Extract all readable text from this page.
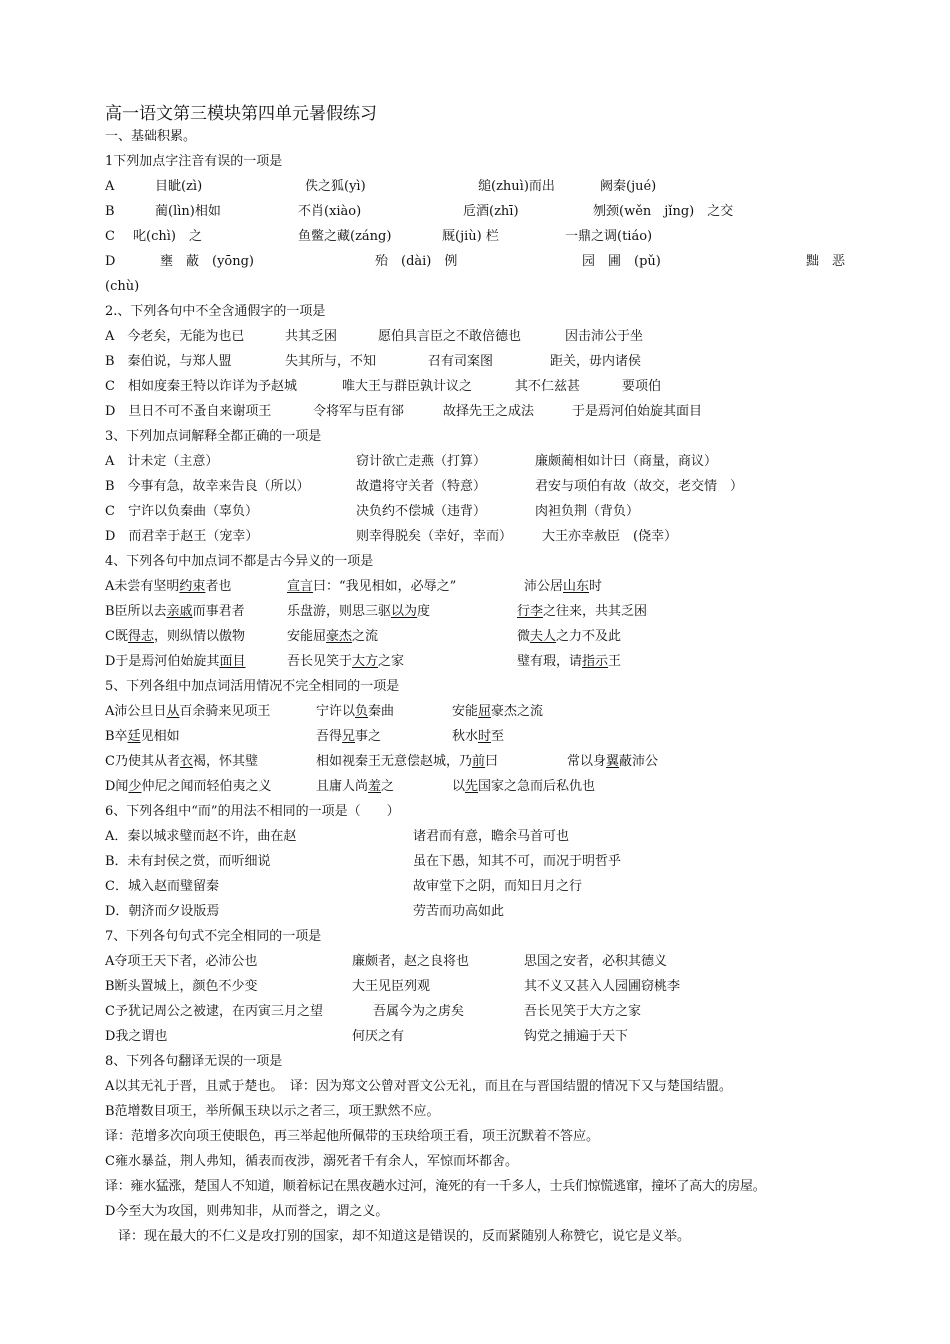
高一语文第三模块第四单元暑假练习
一、基础积累。
1下列加点字注音有误的一项是
A	目眦(zì)	佚之狐(yì)	缒(zhuì)而出	阙秦(jué)
B	蔺(lìn)相如	不肖(xiào)	卮酒(zhī)	刎颈(wěn　jǐng)　之交
C 叱(chì)　之	鱼鳖之藏(záng)	厩(jiù) 栏	一鼎之调(tiáo)
D	壅　蔽　(yōng)	殆　(dài)　例	园　圃　(pǔ)	黜　恶
(chù)
2.、下列各句中不全含通假字的一项是
A　今老矣，无能为也已	共其乏困	愿伯具言臣之不敢倍德也	因击沛公于坐
B　秦伯说，与郑人盟	失其所与，不知	召有司案图	距关，毋内诸侯
C　相如度秦王特以诈详为予赵城	唯大王与群臣孰计议之	其不仁兹甚	要项伯
D　旦日不可不蚤自来谢项王	令将军与臣有郤	故择先王之成法	于是焉河伯始旋其面目
3、下列加点词解释全都正确的一项是
A　计未定（主意）	窃计欲亡走燕（打算）	廉颇蔺相如计曰（商量，商议）
B　今事有急，故幸来告良（所以）	故遣将守关者（特意）	君安与项伯有故（故交，老交情　）
C　宁许以负秦曲（辜负）	决负约不偿城（违背）	肉袒负荆（背负）
D　而君幸于赵王（宠幸）	则幸得脱矣（幸好，幸而） 大王亦幸赦臣　(侥幸）
4、下列各句中加点词不都是古今异义的一项是
A未尝有坚明约束者也	宣言曰：“我见相如，必辱之”	沛公居山东时
B臣所以去亲戚而事君者	乐盘游，则思三驱以为度	行李之往来，共其乏困
C既得志，则纵情以傲物	安能屈豪杰之流	微夫人之力不及此
D于是焉河伯始旋其面目	吾长见笑于大方之家	璧有瑕，请指示王
5、下列各组中加点词活用情况不完全相同的一项是
A沛公旦日从百余骑来见项王	宁许以负秦曲	安能屈豪杰之流
B卒廷见相如	吾得兄事之	秋水时至
C乃使其从者衣褐，怀其璧	相如视秦王无意偿赵城，乃前曰	常以身翼蔽沛公
D闻少仲尼之闻而轻伯夷之义	且庸人尚羞之	以先国家之急而后私仇也
6、下列各组中“而”的用法不相同的一项是（　　）
A．秦以城求璧而赵不许，曲在赵	诸君而有意，瞻余马首可也
B．未有封侯之赏，而听细说	虽在下愚，知其不可，而况于明哲乎
C．城入赵而璧留秦	故审堂下之阴，而知日月之行
D．朝济而夕设版焉	劳苦而功高如此
7、下列各句句式不完全相同的一项是
A夺项王天下者，必沛公也	廉颇者，赵之良将也	思国之安者，必积其德义
B断头置城上，颜色不少变	大王见臣列观	其不义又甚入人园圃窃桃李
C予犹记周公之被逮，在丙寅三月之望	吾属今为之虏矣	吾长见笑于大方之家
D我之谓也	何厌之有	钩党之捕遍于天下
8、下列各句翻译无误的一项是
A以其无礼于晋，且贰于楚也。　译：因为郑文公曾对晋文公无礼，而且在与晋国结盟的情况下又与楚国结盟。
B范增数目项王，举所佩玉玦以示之者三，项王默然不应。
译：范增多次向项王使眼色，再三举起他所佩带的玉玦给项王看，项王沉默着不答应。
C雍水暴益，荆人弗知，循表而夜涉，溺死者千有余人，军惊而坏都舍。
译：雍水猛涨，楚国人不知道，顺着标记在黑夜趟水过河，淹死的有一千多人，士兵们惊慌逃窜，撞坏了高大的房屋。
D今至大为攻国，则弗知非，从而誉之，谓之义。
　译：现在最大的不仁义是攻打别的国家，却不知道这是错误的，反而紧随别人称赞它，说它是义举。
